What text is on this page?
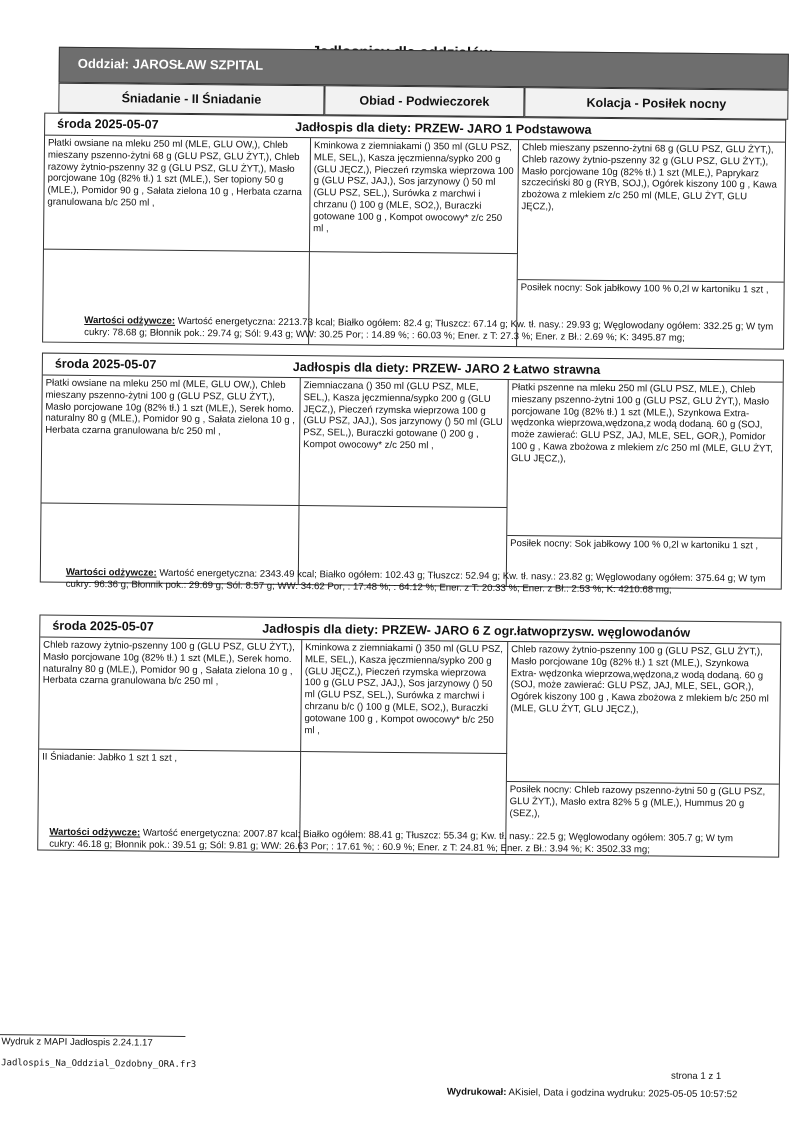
Oddział: JAROSŁAW SZPITAL
Śniadanie - II Śniadanie	Obiad - Podwieczorek	Kolacja - Posiłek nocny
środa 2025-05-07	Jadłospis dla diety: PRZEW- JARO 1 Podstawowa
Płatki owsiane na mleku 250 ml (MLE, GLU OW,), Chleb mieszany pszenno-żytni 68 g (GLU PSZ, GLU ŻYT,), Chleb razowy żytnio-pszenny 32 g (GLU PSZ, GLU ŻYT,), Masło porcjowane 10g (82% tł.) 1 szt (MLE,), Ser topiony 50 g (MLE,), Pomidor 90 g , Sałata zielona 10 g , Herbata czarna granulowana b/c 250 ml ,
Kminkowa z ziemniakami () 350 ml (GLU PSZ, MLE, SEL,), Kasza jęczmienna/sypko 200 g (GLU JĘCZ,), Pieczeń rzymska wieprzowa 100 g (GLU PSZ, JAJ,), Sos jarzynowy () 50 ml (GLU PSZ, SEL,), Surówka z marchwi i chrzanu () 100 g (MLE, SO2,), Buraczki gotowane 100 g , Kompot owocowy* z/c 250 ml ,
Chleb mieszany pszenno-żytni 68 g (GLU PSZ, GLU ŻYT,), Chleb razowy żytnio-pszenny 32 g (GLU PSZ, GLU ŻYT,), Masło porcjowane 10g (82% tł.) 1 szt (MLE,), Paprykarz szczeciński 80 g (RYB, SOJ,), Ogórek kiszony 100 g , Kawa zbożowa z mlekiem z/c 250 ml (MLE, GLU ŻYT, GLU JĘCZ,),
Posiłek nocny: Sok jabłkowy 100 % 0,2l w kartoniku 1 szt ,
Wartości odżywcze: Wartość energetyczna: 2213.73 kcal; Białko ogółem: 82.4 g; Tłuszcz: 67.14 g; Kw. tł. nasy.: 29.93 g; Węglowodany ogółem: 332.25 g; W tym cukry: 78.68 g; Błonnik pok.: 29.74 g; Sól: 9.43 g; WW: 30.25 Por; : 14.89 %; : 60.03 %; Ener. z T: 27.3 %; Ener. z Bł.: 2.69 %; K: 3495.87 mg;
środa 2025-05-07	Jadłospis dla diety: PRZEW- JARO 2 Łatwo strawna
Płatki owsiane na mleku 250 ml (MLE, GLU OW,), Chleb mieszany pszenno-żytni 100 g (GLU PSZ, GLU ŻYT,), Masło porcjowane 10g (82% tł.) 1 szt (MLE,), Serek homo. naturalny 80 g (MLE,), Pomidor 90 g , Sałata zielona 10 g , Herbata czarna granulowana b/c 250 ml ,
Ziemniaczana () 350 ml (GLU PSZ, MLE, SEL,), Kasza jęczmienna/sypko 200 g (GLU JĘCZ,), Pieczeń rzymska wieprzowa 100 g (GLU PSZ, JAJ,), Sos jarzynowy () 50 ml (GLU PSZ, SEL,), Buraczki gotowane () 200 g , Kompot owocowy* z/c 250 ml ,
Płatki pszenne na mleku 250 ml (GLU PSZ, MLE,), Chleb mieszany pszenno-żytni 100 g (GLU PSZ, GLU ŻYT,), Masło porcjowane 10g (82% tł.) 1 szt (MLE,), Szynkowa Extra- wędzonka wieprzowa,wędzona,z wodą dodaną. 60 g (SOJ, może zawierać: GLU PSZ, JAJ, MLE, SEL, GOR,), Pomidor 100 g , Kawa zbożowa z mlekiem z/c 250 ml (MLE, GLU ŻYT, GLU JĘCZ,),
Posiłek nocny: Sok jabłkowy 100 % 0,2l w kartoniku 1 szt ,
Wartości odżywcze: Wartość energetyczna: 2343.49 kcal; Białko ogółem: 102.43 g; Tłuszcz: 52.94 g; Kw. tł. nasy.: 23.82 g; Węglowodany ogółem: 375.64 g; W tym cukry: 96.36 g; Błonnik pok.: 29.69 g; Sól: 8.57 g; WW: 34.62 Por; : 17.48 %; : 64.12 %; Ener. z T: 20.33 %; Ener. z Bł.: 2.53 %; K: 4210.68 mg;
środa 2025-05-07	Jadłospis dla diety: PRZEW- JARO 6 Z ogr.łatwoprzysw. węglowodanów
Chleb razowy żytnio-pszenny 100 g (GLU PSZ, GLU ŻYT,), Masło porcjowane 10g (82% tł.) 1 szt (MLE,), Serek homo. naturalny 80 g (MLE,), Pomidor 90 g , Sałata zielona 10 g , Herbata czarna granulowana b/c 250 ml ,
Kminkowa z ziemniakami () 350 ml (GLU PSZ, MLE, SEL,), Kasza jęczmienna/sypko 200 g (GLU JĘCZ,), Pieczeń rzymska wieprzowa 100 g (GLU PSZ, JAJ,), Sos jarzynowy () 50 ml (GLU PSZ, SEL,), Surówka z marchwi i chrzanu b/c () 100 g (MLE, SO2,), Buraczki gotowane 100 g , Kompot owocowy* b/c 250 ml ,
Chleb razowy żytnio-pszenny 100 g (GLU PSZ, GLU ŻYT,), Masło porcjowane 10g (82% tł.) 1 szt (MLE,), Szynkowa Extra- wędzonka wieprzowa,wędzona,z wodą dodaną. 60 g (SOJ, może zawierać: GLU PSZ, JAJ, MLE, SEL, GOR,), Ogórek kiszony 100 g , Kawa zbożowa z mlekiem b/c 250 ml (MLE, GLU ŻYT, GLU JĘCZ,),
II Śniadanie: Jabłko 1 szt 1 szt ,
Posiłek nocny: Chleb razowy pszenno-żytni 50 g (GLU PSZ, GLU ŻYT,), Masło extra 82% 5 g (MLE,), Hummus 20 g (SEZ,),
Wartości odżywcze: Wartość energetyczna: 2007.87 kcal; Białko ogółem: 88.41 g; Tłuszcz: 55.34 g; Kw. tł. nasy.: 22.5 g; Węglowodany ogółem: 305.7 g; W tym cukry: 46.18 g; Błonnik pok.: 39.51 g; Sól: 9.81 g; WW: 26.63 Por; : 17.61 %; : 60.9 %; Ener. z T: 24.81 %; Ener. z Bł.: 3.94 %; K: 3502.33 mg;
Wydruk z MAPI Jadłospis 2.24.1.17
Jadlospis_Na_Oddzial_Ozdobny_ORA.fr3
strona 1 z 1
Wydrukował: AKisiel, Data i godzina wydruku: 2025-05-05 10:57:52
